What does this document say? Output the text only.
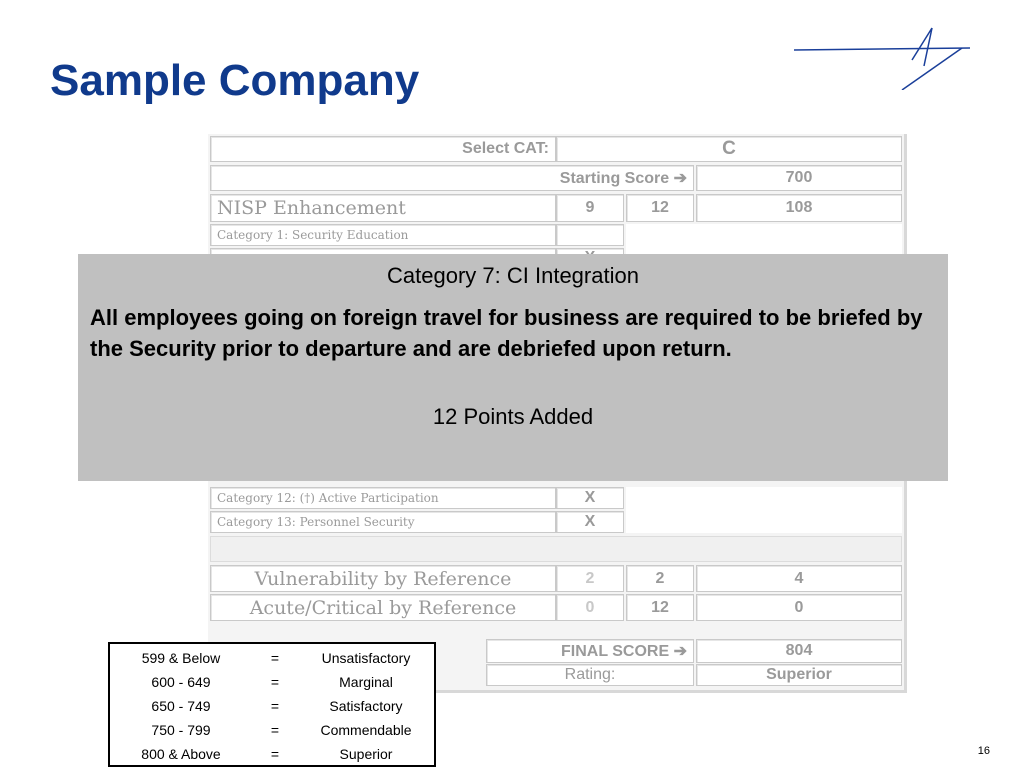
Sample Company
Select CAT:	C
Starting Score ➔	700
NISP Enhancement	9	12	108
Category 1: Security Education
Category 12: (†) Active Participation	X
Category 13: Personnel Security	X
Vulnerability by Reference	2	2	4
Acute/Critical by Reference	0	12	0
FINAL SCORE ➔	804
Rating:	Superior
Category 7: CI Integration
All employees going on foreign travel for business are required to be briefed by the Security prior to departure and are debriefed upon return.
12 Points Added
599 & Below	=	Unsatisfactory
600 - 649	=	Marginal
650 - 749	=	Satisfactory
750 - 799	=	Commendable
800 & Above	=	Superior	16
